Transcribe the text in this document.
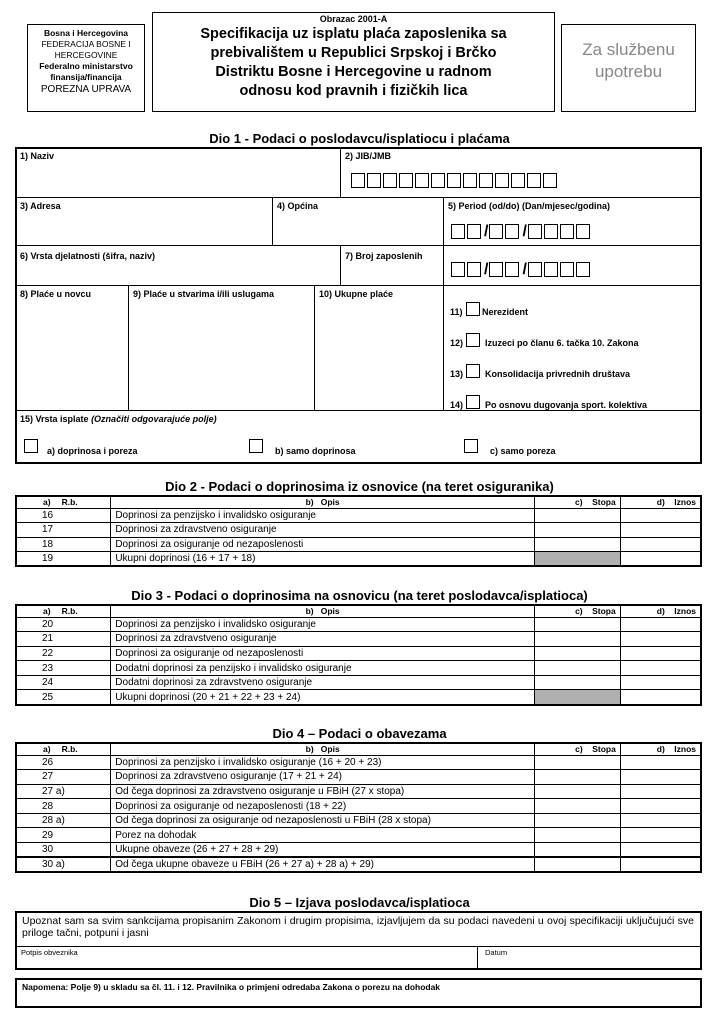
Bosna i Hercegovina
FEDERACIJA BOSNE I
HERCEGOVINE
Federalno ministarstvo
finansija/financija
POREZNA UPRAVA
Obrazac 2001-A
Specifikacija uz isplatu plaća zaposlenika sa
prebivalištem u Republici Srpskoj i Brčko
Distriktu Bosne i Hercegovine u radnom
odnosu kod pravnih i fizičkih lica
Za službenu
upotrebu
Dio 1 - Podaci o poslodavcu/isplatiocu i plaćama
1) Naziv	2) JIB/JMB
3) Adresa	4) Općina	5) Period (od/do) (Dan/mjesec/godina)
/ /
6) Vrsta djelatnosti (šifra, naziv)	7) Broj zaposlenih
/ /
8) Plaće u novcu	9) Plaće u stvarima i/ili uslugama	10) Ukupne plaće
11) Nerezident
12) Izuzeci po članu 6. tačka 10. Zakona
13) Konsolidacija privrednih društava
14) Po osnovu dugovanja sport. kolektiva
15) Vrsta isplate (Označiti odgovarajuće polje)
a) doprinosa i poreza	b) samo doprinosa	c) samo poreza
Dio 2 - Podaci o doprinosima iz osnovice (na teret osiguranika)
a) R.b.	b) Opis	c) Stopa	d) Iznos
16	Doprinosi za penzijsko i invalidsko osiguranje		
17	Doprinosi za zdravstveno osiguranje		
18	Doprinosi za osiguranje od nezaposlenosti		
19	Ukupni doprinosi (16 + 17 + 18)		
Dio 3 - Podaci o doprinosima na osnovicu (na teret poslodavca/isplatioca)
a) R.b.	b) Opis	c) Stopa	d) Iznos
20	Doprinosi za penzijsko i invalidsko osiguranje		
21	Doprinosi za zdravstveno osiguranje		
22	Doprinosi za osiguranje od nezaposlenosti		
23	Dodatni doprinosi za penzijsko i invalidsko osiguranje		
24	Dodatni doprinosi za zdravstveno osiguranje		
25	Ukupni doprinosi (20 + 21 + 22 + 23 + 24)		
Dio 4 – Podaci o obavezama
a) R.b.	b) Opis	c) Stopa	d) Iznos
26	Doprinosi za penzijsko i invalidsko osiguranje (16 + 20 + 23)		
27	Doprinosi za zdravstveno osiguranje (17 + 21 + 24)		
27 a)	Od čega doprinosi za zdravstveno osiguranje u FBiH (27 x stopa)		
28	Doprinosi za osiguranje od nezaposlenosti (18 + 22)		
28 a)	Od čega doprinosi za osiguranje od nezaposlenosti u FBiH (28 x stopa)		
29	Porez na dohodak		
30	Ukupne obaveze (26 + 27 + 28 + 29)		
30 a)	Od čega ukupne obaveze u FBiH (26 + 27 a) + 28 a) + 29)		
Dio 5 – Izjava poslodavca/isplatioca
Upoznat sam sa svim sankcijama propisanim Zakonom i drugim propisima, izjavljujem da su podaci navedeni u ovoj specifikaciji uključujući sve priloge tačni, potpuni i jasni
Potpis obveznika	Datum
Napomena: Polje 9) u skladu sa čl. 11. i 12. Pravilnika o primjeni odredaba Zakona o porezu na dohodak
